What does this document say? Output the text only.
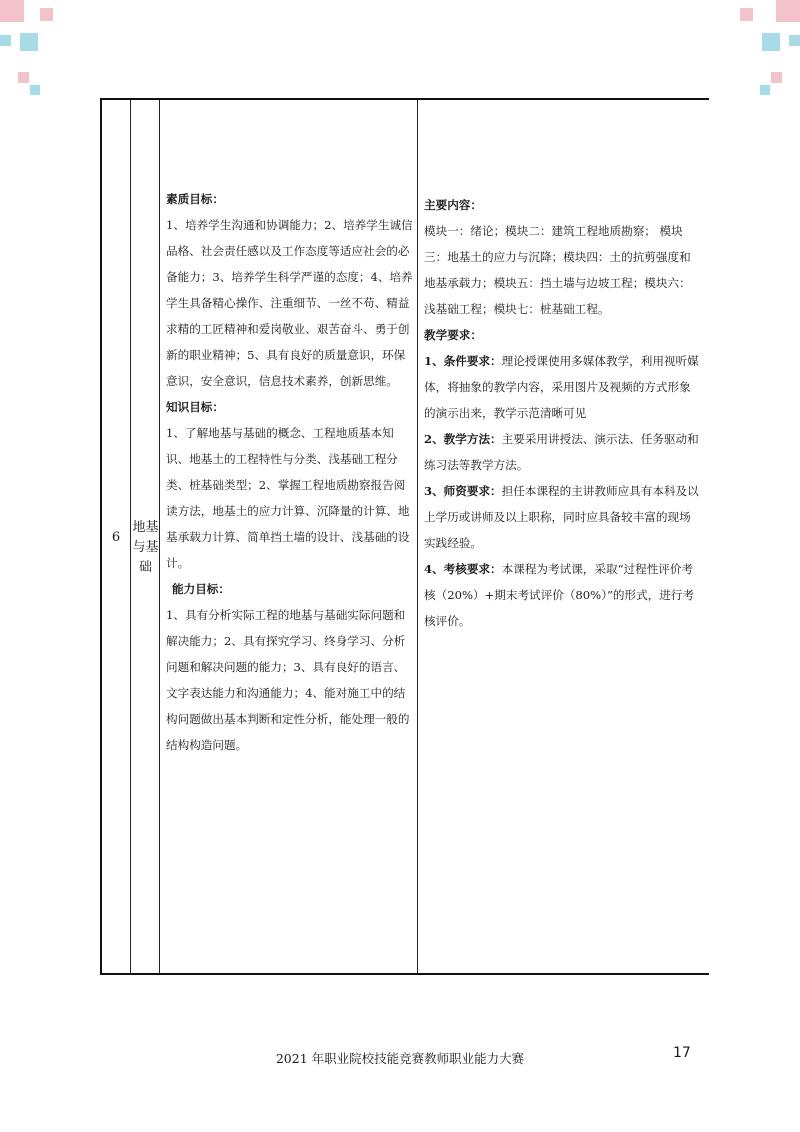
6
地基与基础

素质目标：

1、培养学生沟通和协调能力；2、培养学生诚信品格、社会责任感以及工作态度等适应社会的必备能力；3、培养学生科学严谨的态度；4、培养学生具备精心操作、注重细节、一丝不苟、精益求精的工匠精神和爱岗敬业、艰苦奋斗、勇于创新的职业精神；5、具有良好的质量意识，环保意识，安全意识，信息技术素养，创新思维。

知识目标：

1、了解地基与基础的概念、工程地质基本知识、地基土的工程特性与分类、浅基础工程分类、桩基础类型；2、掌握工程地质勘察报告阅读方法，地基土的应力计算、沉降量的计算、地基承载力计算、简单挡土墙的设计、浅基础的设计。

能力目标：

1、具有分析实际工程的地基与基础实际问题和解决能力；2、具有探究学习、终身学习、分析问题和解决问题的能力；3、具有良好的语言、文字表达能力和沟通能力；4、能对施工中的结构问题做出基本判断和定性分析，能处理一般的结构构造问题。

主要内容：

模块一：绪论；模块二：建筑工程地质勘察； 模块三：地基土的应力与沉降；模块四：土的抗剪强度和地基承载力；模块五：挡土墙与边坡工程；模块六：浅基础工程；模块七：桩基础工程。

教学要求：

1、条件要求：理论授课使用多媒体教学，利用视听媒体，将抽象的教学内容，采用图片及视频的方式形象的演示出来，教学示范清晰可见

2、教学方法：主要采用讲授法、演示法、任务驱动和练习法等教学方法。

3、师资要求：担任本课程的主讲教师应具有本科及以上学历或讲师及以上职称，同时应具备较丰富的现场实践经验。

4、考核要求：本课程为考试课，采取“过程性评价考核（20%）+期末考试评价（80%）”的形式，进行考核评价。

2021 年职业院校技能竞赛教师职业能力大赛	17
